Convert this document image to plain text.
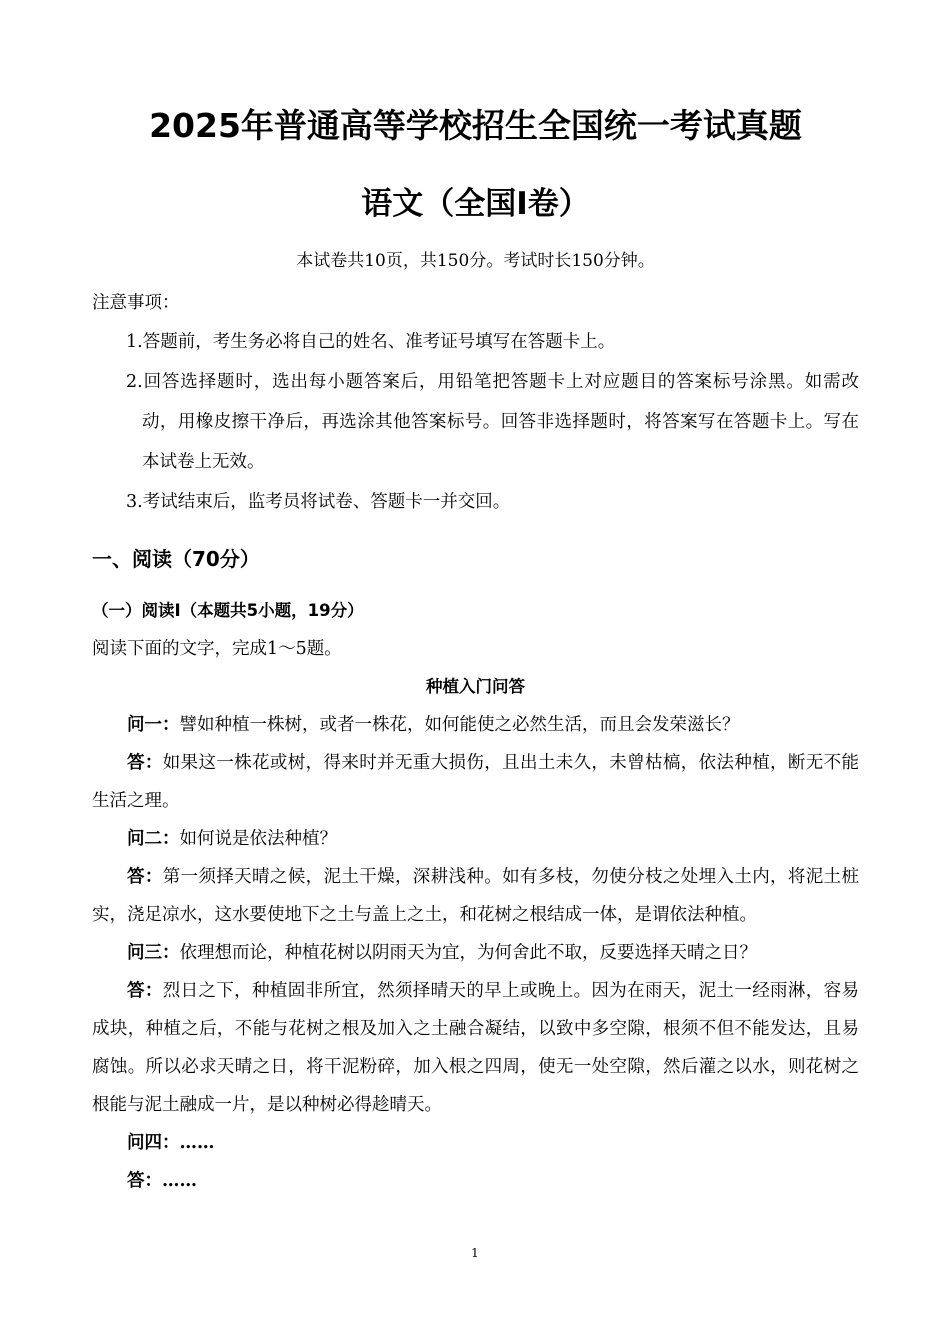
2025年普通高等学校招生全国统一考试真题
语文（全国Ⅰ卷）
本试卷共10页，共150分。考试时长150分钟。

注意事项：

1.答题前，考生务必将自己的姓名、准考证号填写在答题卡上。

2.回答选择题时，选出每小题答案后，用铅笔把答题卡上对应题目的答案标号涂黑。如需改动，用橡皮擦干净后，再选涂其他答案标号。回答非选择题时，将答案写在答题卡上。写在本试卷上无效。

3.考试结束后，监考员将试卷、答题卡一并交回。

一、阅读（70分）

（一）阅读Ⅰ（本题共5小题，19分）

阅读下面的文字，完成1～5题。

种植入门问答

问一：譬如种植一株树，或者一株花，如何能使之必然生活，而且会发荣滋长？

答：如果这一株花或树，得来时并无重大损伤，且出土未久，未曾枯槁，依法种植，断无不能生活之理。

问二：如何说是依法种植？

答：第一须择天晴之候，泥土干燥，深耕浅种。如有多枝，勿使分枝之处埋入土内，将泥土桩实，浇足凉水，这水要使地下之土与盖上之土，和花树之根结成一体，是谓依法种植。

问三：依理想而论，种植花树以阴雨天为宜，为何舍此不取，反要选择天晴之日？

答：烈日之下，种植固非所宜，然须择晴天的早上或晚上。因为在雨天，泥土一经雨淋，容易成块，种植之后，不能与花树之根及加入之土融合凝结，以致中多空隙，根须不但不能发达，且易腐蚀。所以必求天晴之日，将干泥粉碎，加入根之四周，使无一处空隙，然后灌之以水，则花树之根能与泥土融成一片，是以种树必得趁晴天。

问四：……

答：……

1
